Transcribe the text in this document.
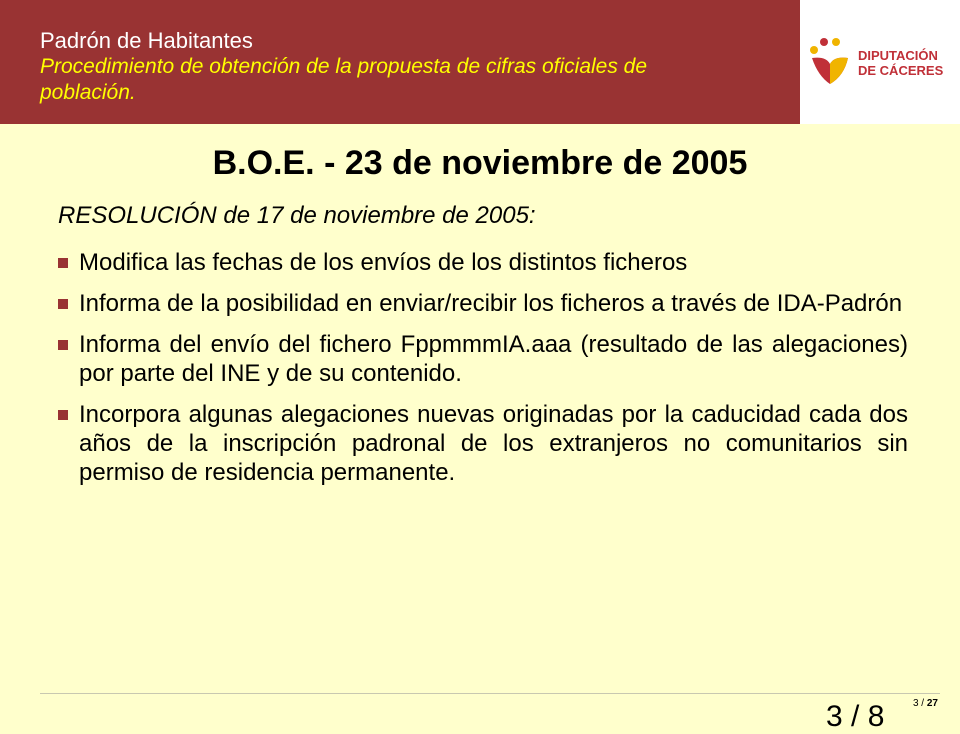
Padrón de Habitantes
Procedimiento de obtención de la propuesta de cifras oficiales de población.
DIPUTACIÓN
DE CÁCERES
B.O.E. - 23 de noviembre de 2005
RESOLUCIÓN de 17 de noviembre de 2005:
Modifica las fechas de los envíos de los distintos ficheros
Informa de la posibilidad en enviar/recibir los ficheros a través de IDA-Padrón
Informa del envío del fichero FppmmmIA.aaa (resultado de las alegaciones) por parte del INE y de su contenido.
Incorpora algunas alegaciones nuevas originadas por la caducidad cada dos años de la inscripción padronal de los extranjeros no comunitarios sin permiso de residencia permanente.
3 / 27
3 / 8
